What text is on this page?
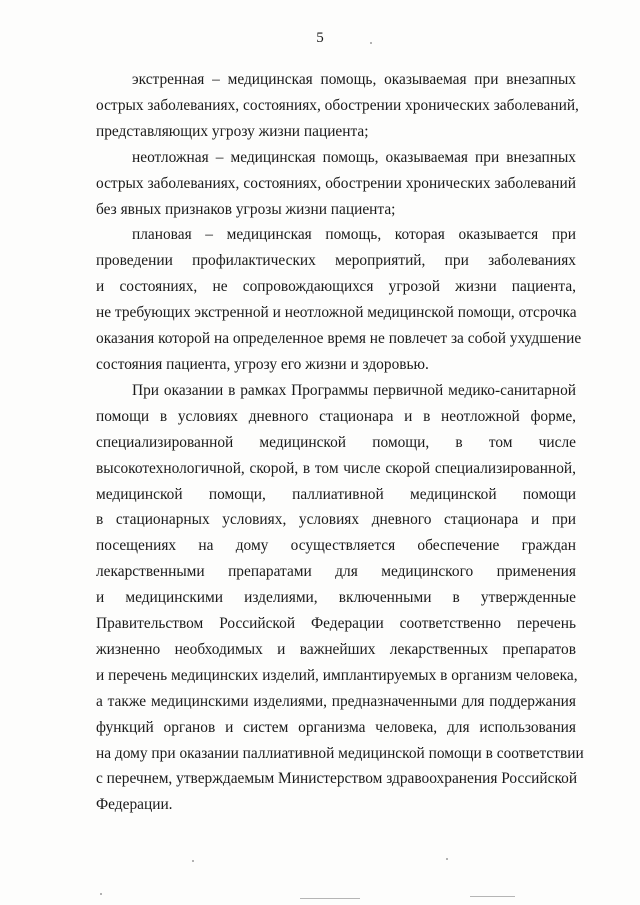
5

экстренная – медицинская помощь, оказываемая при внезапных
острых заболеваниях, состояниях, обострении хронических заболеваний,
представляющих угрозу жизни пациента;

неотложная – медицинская помощь, оказываемая при внезапных
острых заболеваниях, состояниях, обострении хронических заболеваний
без явных признаков угрозы жизни пациента;

плановая – медицинская помощь, которая оказывается при
проведении профилактических мероприятий, при заболеваниях
и состояниях, не сопровождающихся угрозой жизни пациента,
не требующих экстренной и неотложной медицинской помощи, отсрочка
оказания которой на определенное время не повлечет за собой ухудшение
состояния пациента, угрозу его жизни и здоровью.

При оказании в рамках Программы первичной медико-санитарной
помощи в условиях дневного стационара и в неотложной форме,
специализированной медицинской помощи, в том числе
высокотехнологичной, скорой, в том числе скорой специализированной,
медицинской помощи, паллиативной медицинской помощи
в стационарных условиях, условиях дневного стационара и при
посещениях на дому осуществляется обеспечение граждан
лекарственными препаратами для медицинского применения
и медицинскими изделиями, включенными в утвержденные
Правительством Российской Федерации соответственно перечень
жизненно необходимых и важнейших лекарственных препаратов
и перечень медицинских изделий, имплантируемых в организм человека,
а также медицинскими изделиями, предназначенными для поддержания
функций органов и систем организма человека, для использования
на дому при оказании паллиативной медицинской помощи в соответствии
с перечнем, утверждаемым Министерством здравоохранения Российской
Федерации.
